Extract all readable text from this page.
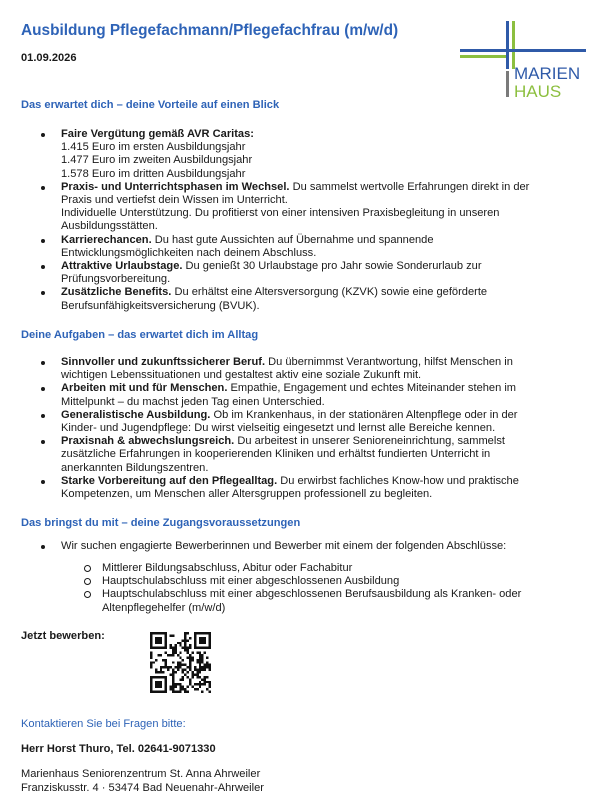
Ausbildung Pflegefachmann/Pflegefachfrau (m/w/d)
01.09.2026
MARIEN
HAUS
Das erwartet dich – deine Vorteile auf einen Blick
Faire Vergütung gemäß AVR Caritas:
1.415 Euro im ersten Ausbildungsjahr
1.477 Euro im zweiten Ausbildungsjahr
1.578 Euro im dritten Ausbildungsjahr
Praxis- und Unterrichtsphasen im Wechsel. Du sammelst wertvolle Erfahrungen direkt in der Praxis und vertiefst dein Wissen im Unterricht.
Individuelle Unterstützung. Du profitierst von einer intensiven Praxisbegleitung in unseren Ausbildungsstätten.
Karrierechancen. Du hast gute Aussichten auf Übernahme und spannende Entwicklungsmöglichkeiten nach deinem Abschluss.
Attraktive Urlaubstage. Du genießt 30 Urlaubstage pro Jahr sowie Sonderurlaub zur Prüfungsvorbereitung.
Zusätzliche Benefits. Du erhältst eine Altersversorgung (KZVK) sowie eine geförderte Berufsunfähigkeitsversicherung (BVUK).
Deine Aufgaben – das erwartet dich im Alltag
Sinnvoller und zukunftssicherer Beruf. Du übernimmst Verantwortung, hilfst Menschen in wichtigen Lebenssituationen und gestaltest aktiv eine soziale Zukunft mit.
Arbeiten mit und für Menschen. Empathie, Engagement und echtes Miteinander stehen im Mittelpunkt – du machst jeden Tag einen Unterschied.
Generalistische Ausbildung. Ob im Krankenhaus, in der stationären Altenpflege oder in der Kinder- und Jugendpflege: Du wirst vielseitig eingesetzt und lernst alle Bereiche kennen.
Praxisnah & abwechslungsreich. Du arbeitest in unserer Senioreneinrichtung, sammelst zusätzliche Erfahrungen in kooperierenden Kliniken und erhältst fundierten Unterricht in anerkannten Bildungszentren.
Starke Vorbereitung auf den Pflegealltag. Du erwirbst fachliches Know-how und praktische Kompetenzen, um Menschen aller Altersgruppen professionell zu begleiten.
Das bringst du mit – deine Zugangsvoraussetzungen
Wir suchen engagierte Bewerberinnen und Bewerber mit einem der folgenden Abschlüsse:
Mittlerer Bildungsabschluss, Abitur oder Fachabitur
Hauptschulabschluss mit einer abgeschlossenen Ausbildung
Hauptschulabschluss mit einer abgeschlossenen Berufsausbildung als Kranken- oder Altenpflegehelfer (m/w/d)
Jetzt bewerben:
Kontaktieren Sie bei Fragen bitte:
Herr Horst Thuro, Tel. 02641-9071330
Marienhaus Seniorenzentrum St. Anna Ahrweiler
Franziskusstr. 4 · 53474 Bad Neuenahr-Ahrweiler
